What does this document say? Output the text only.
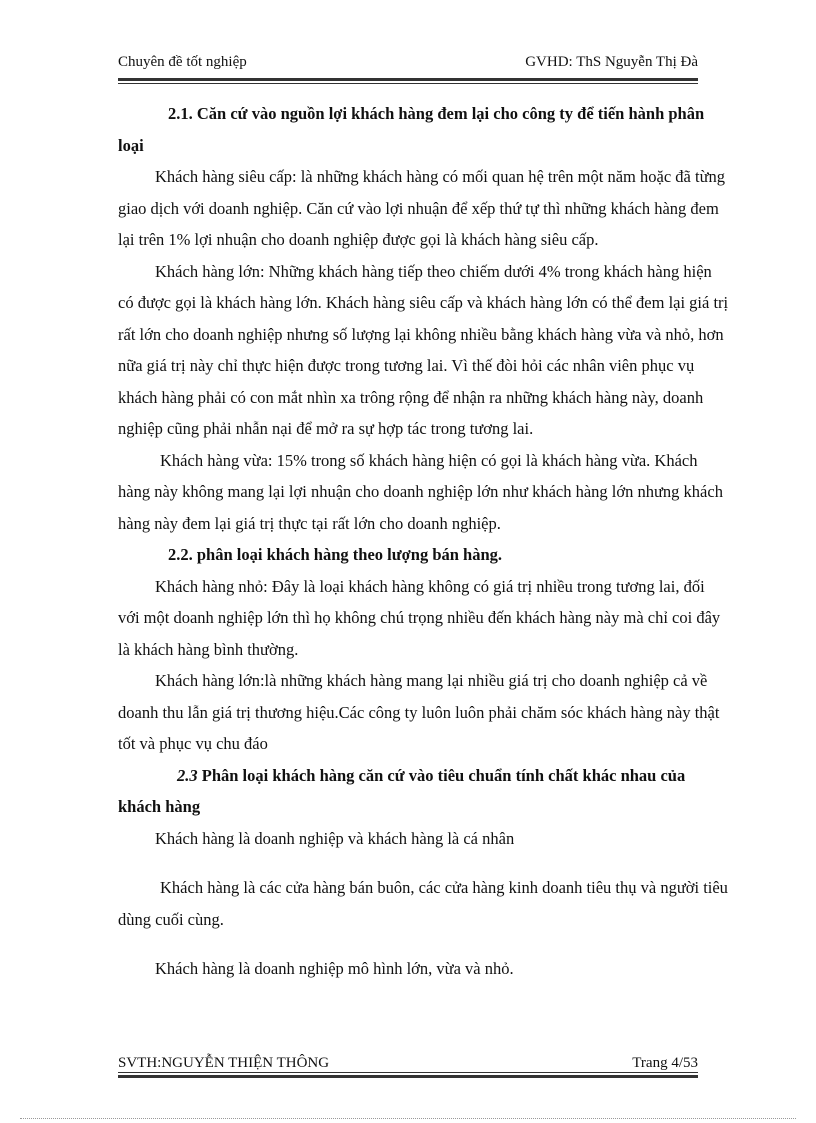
Chuyên đề tốt nghiệp	GVHD: ThS Nguyễn Thị Đà

2.1. Căn cứ vào nguồn lợi khách hàng đem lại cho công ty để tiến hành phân loại

Khách hàng siêu cấp: là những khách hàng có mối quan hệ trên một năm hoặc đã từng giao dịch với doanh nghiệp. Căn cứ vào lợi nhuận để xếp thứ tự thì những khách hàng đem lại trên 1% lợi nhuận cho doanh nghiệp được gọi là khách hàng siêu cấp.

Khách hàng lớn: Những khách hàng tiếp theo chiếm dưới 4% trong khách hàng hiện có được gọi là khách hàng lớn. Khách hàng siêu cấp và khách hàng lớn có thể đem lại giá trị rất lớn cho doanh nghiệp nhưng số lượng lại không nhiều bằng khách hàng vừa và nhỏ, hơn nữa giá trị này chỉ thực hiện được trong tương lai. Vì thế đòi hỏi các nhân viên phục vụ khách hàng phải có con mắt nhìn xa trông rộng để nhận ra những khách hàng này, doanh nghiệp cũng phải nhẫn nại để mở ra sự hợp tác trong tương lai.

Khách hàng vừa: 15% trong số khách hàng hiện có gọi là khách hàng vừa. Khách hàng này không mang lại lợi nhuận cho doanh nghiệp lớn như khách hàng lớn nhưng khách hàng này đem lại giá trị thực tại rất lớn cho doanh nghiệp.

2.2. phân loại khách hàng theo lượng bán hàng.

Khách hàng nhỏ: Đây là loại khách hàng không có giá trị nhiều trong tương lai, đối với một doanh nghiệp lớn thì họ không chú trọng nhiều đến khách hàng này mà chỉ coi đây là khách hàng bình thường.

Khách hàng lớn:là những khách hàng mang lại nhiều giá trị cho doanh nghiệp cả về doanh thu lẫn giá trị thương hiệu.Các công ty luôn luôn phải chăm sóc khách hàng này thật tốt và phục vụ chu đáo

2.3 Phân loại khách hàng căn cứ vào tiêu chuẩn tính chất khác nhau của khách hàng

Khách hàng là doanh nghiệp và khách hàng là cá nhân

Khách hàng là các cửa hàng bán buôn, các cửa hàng kinh doanh tiêu thụ và người tiêu dùng cuối cùng.

Khách hàng là doanh nghiệp mô hình lớn, vừa và nhỏ.

SVTH:NGUYỄN THIỆN THÔNG	Trang 4/53
